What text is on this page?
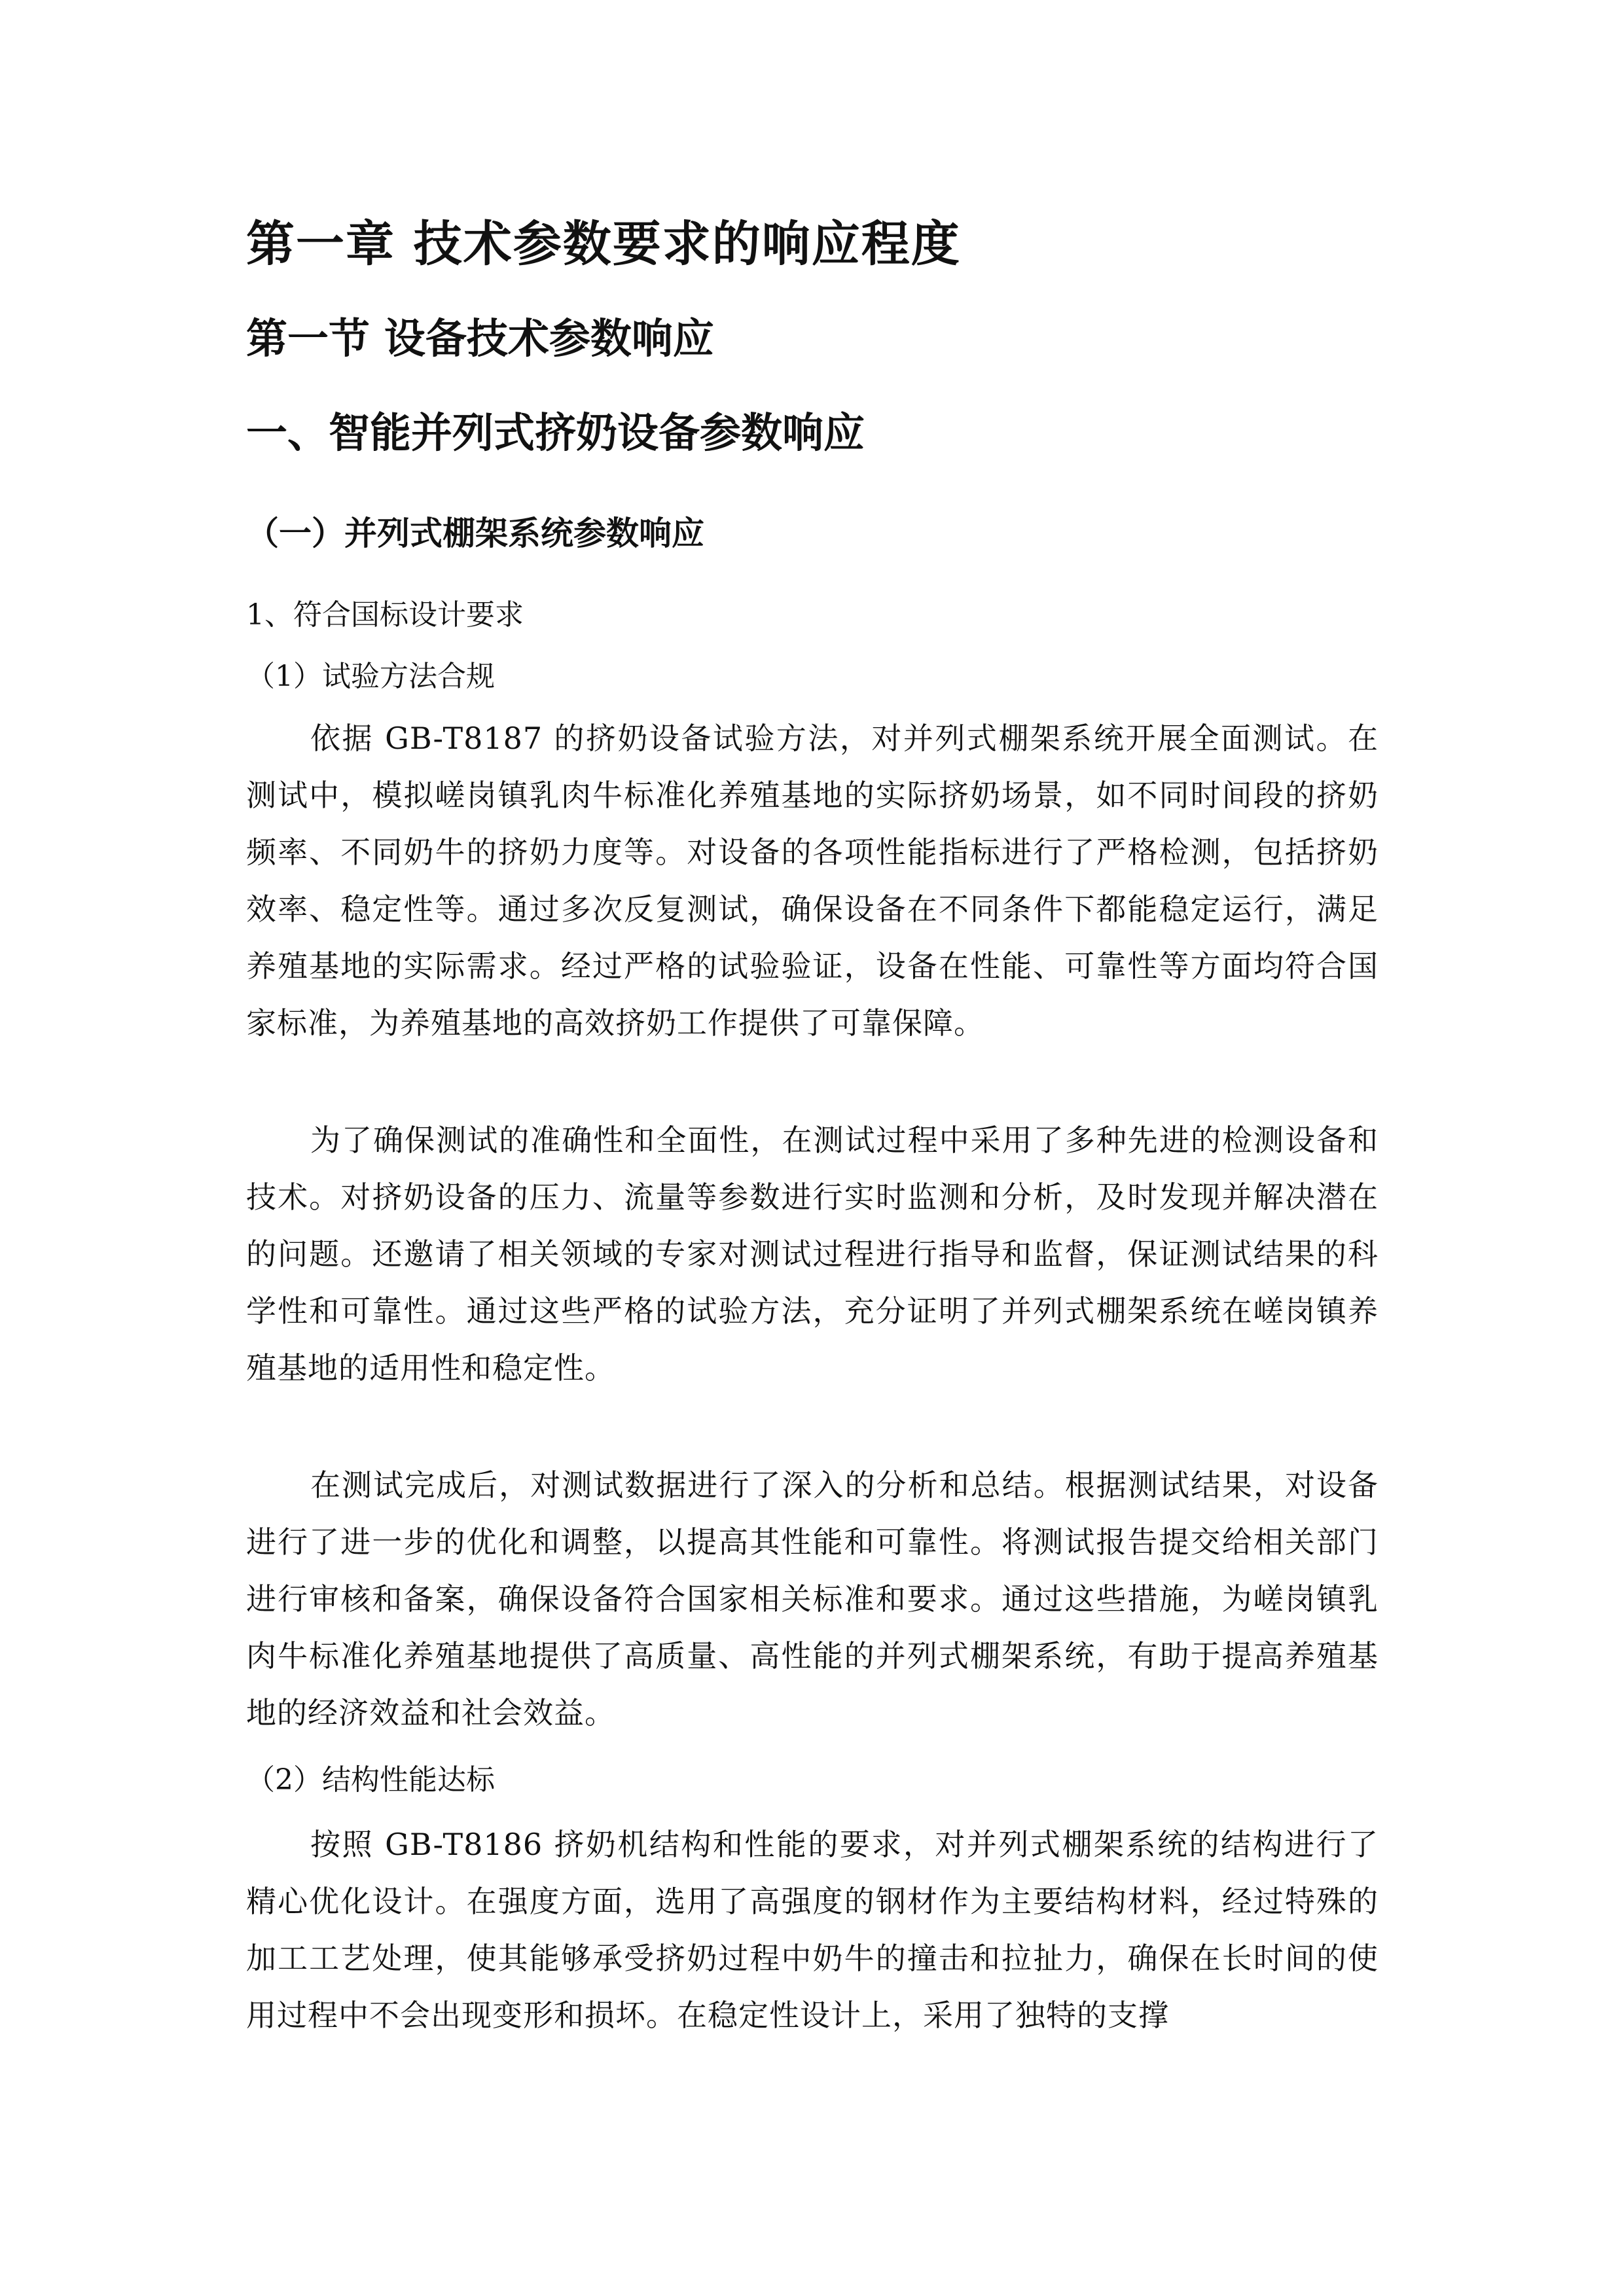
第一章 技术参数要求的响应程度
第一节 设备技术参数响应
一、智能并列式挤奶设备参数响应
（一）并列式棚架系统参数响应
1、符合国标设计要求
（1）试验方法合规

依据 GB-T8187 的挤奶设备试验方法，对并列式棚架系统开展全面测试。在测试中，模拟嵯岗镇乳肉牛标准化养殖基地的实际挤奶场景，如不同时间段的挤奶频率、不同奶牛的挤奶力度等。对设备的各项性能指标进行了严格检测，包括挤奶效率、稳定性等。通过多次反复测试，确保设备在不同条件下都能稳定运行，满足养殖基地的实际需求。经过严格的试验验证，设备在性能、可靠性等方面均符合国家标准，为养殖基地的高效挤奶工作提供了可靠保障。

为了确保测试的准确性和全面性，在测试过程中采用了多种先进的检测设备和技术。对挤奶设备的压力、流量等参数进行实时监测和分析，及时发现并解决潜在的问题。还邀请了相关领域的专家对测试过程进行指导和监督，保证测试结果的科学性和可靠性。通过这些严格的试验方法，充分证明了并列式棚架系统在嵯岗镇养殖基地的适用性和稳定性。

在测试完成后，对测试数据进行了深入的分析和总结。根据测试结果，对设备进行了进一步的优化和调整，以提高其性能和可靠性。将测试报告提交给相关部门进行审核和备案，确保设备符合国家相关标准和要求。通过这些措施，为嵯岗镇乳肉牛标准化养殖基地提供了高质量、高性能的并列式棚架系统，有助于提高养殖基地的经济效益和社会效益。

（2）结构性能达标

按照 GB-T8186 挤奶机结构和性能的要求，对并列式棚架系统的结构进行了精心优化设计。在强度方面，选用了高强度的钢材作为主要结构材料，经过特殊的加工工艺处理，使其能够承受挤奶过程中奶牛的撞击和拉扯力，确保在长时间的使用过程中不会出现变形和损坏。在稳定性设计上，采用了独特的支撑
